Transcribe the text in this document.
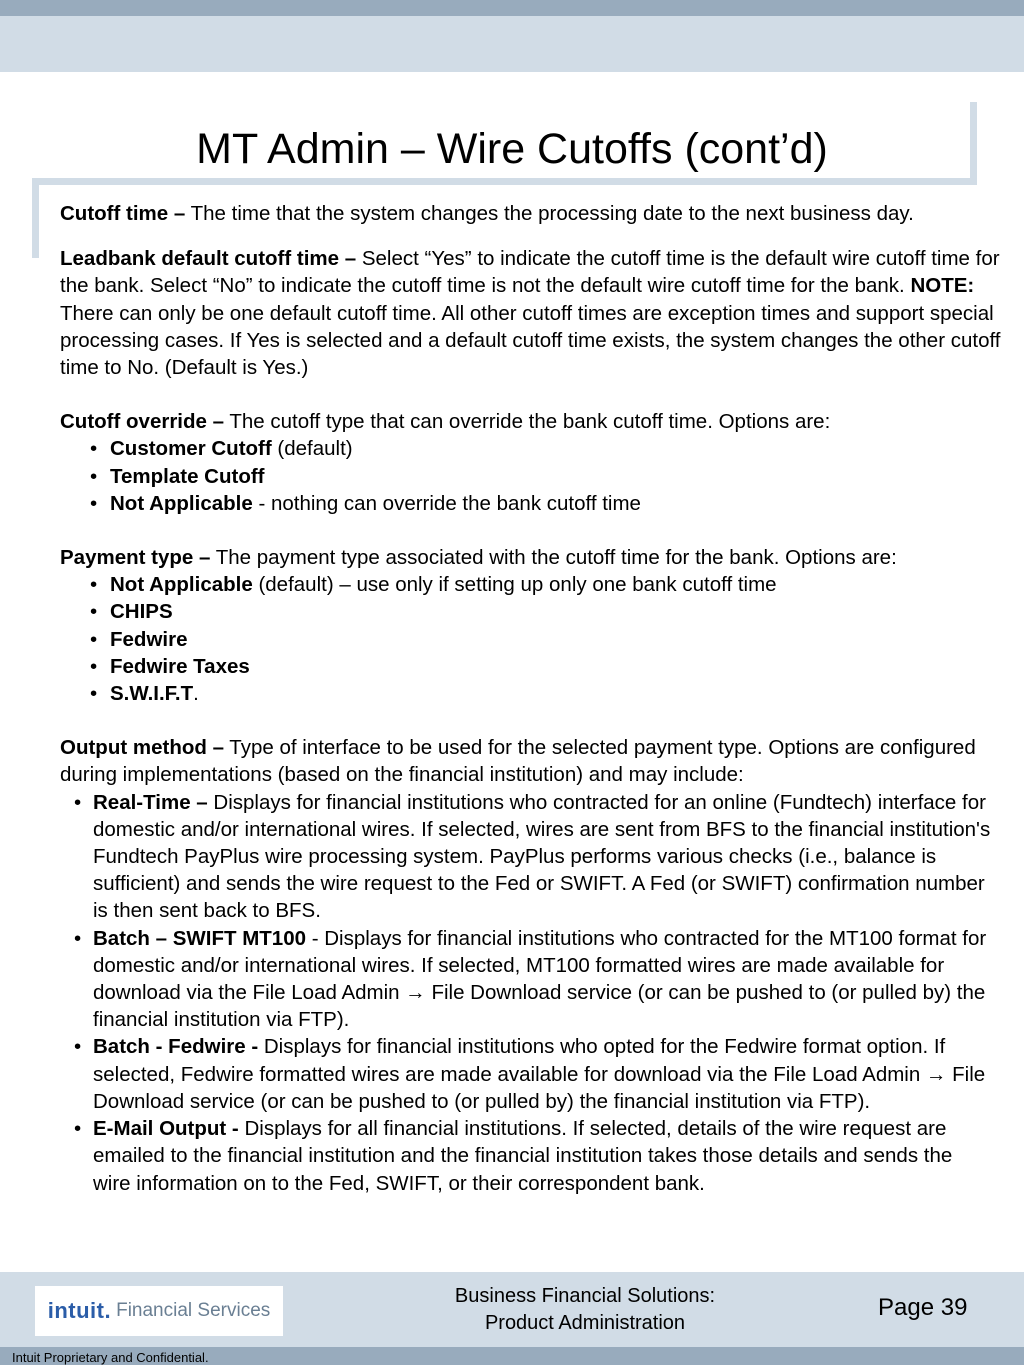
MT Admin – Wire Cutoffs (cont’d)

Cutoff time – The time that the system changes the processing date to the next business day.

Leadbank default cutoff time – Select “Yes” to indicate the cutoff time is the default wire cutoff time for the bank. Select “No” to indicate the cutoff time is not the default wire cutoff time for the bank. NOTE: There can only be one default cutoff time. All other cutoff times are exception times and support special processing cases. If Yes is selected and a default cutoff time exists, the system changes the other cutoff time to No. (Default is Yes.)

Cutoff override – The cutoff type that can override the bank cutoff time. Options are:

• Customer Cutoff (default)
• Template Cutoff
• Not Applicable - nothing can override the bank cutoff time

Payment type – The payment type associated with the cutoff time for the bank. Options are:

• Not Applicable (default) – use only if setting up only one bank cutoff time
• CHIPS
• Fedwire
• Fedwire Taxes
• S.W.I.F.T.

Output method – Type of interface to be used for the selected payment type. Options are configured during implementations (based on the financial institution) and may include:

• Real-Time – Displays for financial institutions who contracted for an online (Fundtech) interface for domestic and/or international wires. If selected, wires are sent from BFS to the financial institution's Fundtech PayPlus wire processing system. PayPlus performs various checks (i.e., balance is sufficient) and sends the wire request to the Fed or SWIFT. A Fed (or SWIFT) confirmation number is then sent back to BFS.
• Batch – SWIFT MT100 - Displays for financial institutions who contracted for the MT100 format for domestic and/or international wires. If selected, MT100 formatted wires are made available for download via the File Load Admin → File Download service (or can be pushed to (or pulled by) the financial institution via FTP).
• Batch - Fedwire - Displays for financial institutions who opted for the Fedwire format option. If selected, Fedwire formatted wires are made available for download via the File Load Admin → File Download service (or can be pushed to (or pulled by) the financial institution via FTP).
• E-Mail Output - Displays for all financial institutions. If selected, details of the wire request are emailed to the financial institution and the financial institution takes those details and sends the wire information on to the Fed, SWIFT, or their correspondent bank.
intuit. Financial Services
Business Financial Solutions:
Product Administration
Page 39
Intuit Proprietary and Confidential.
